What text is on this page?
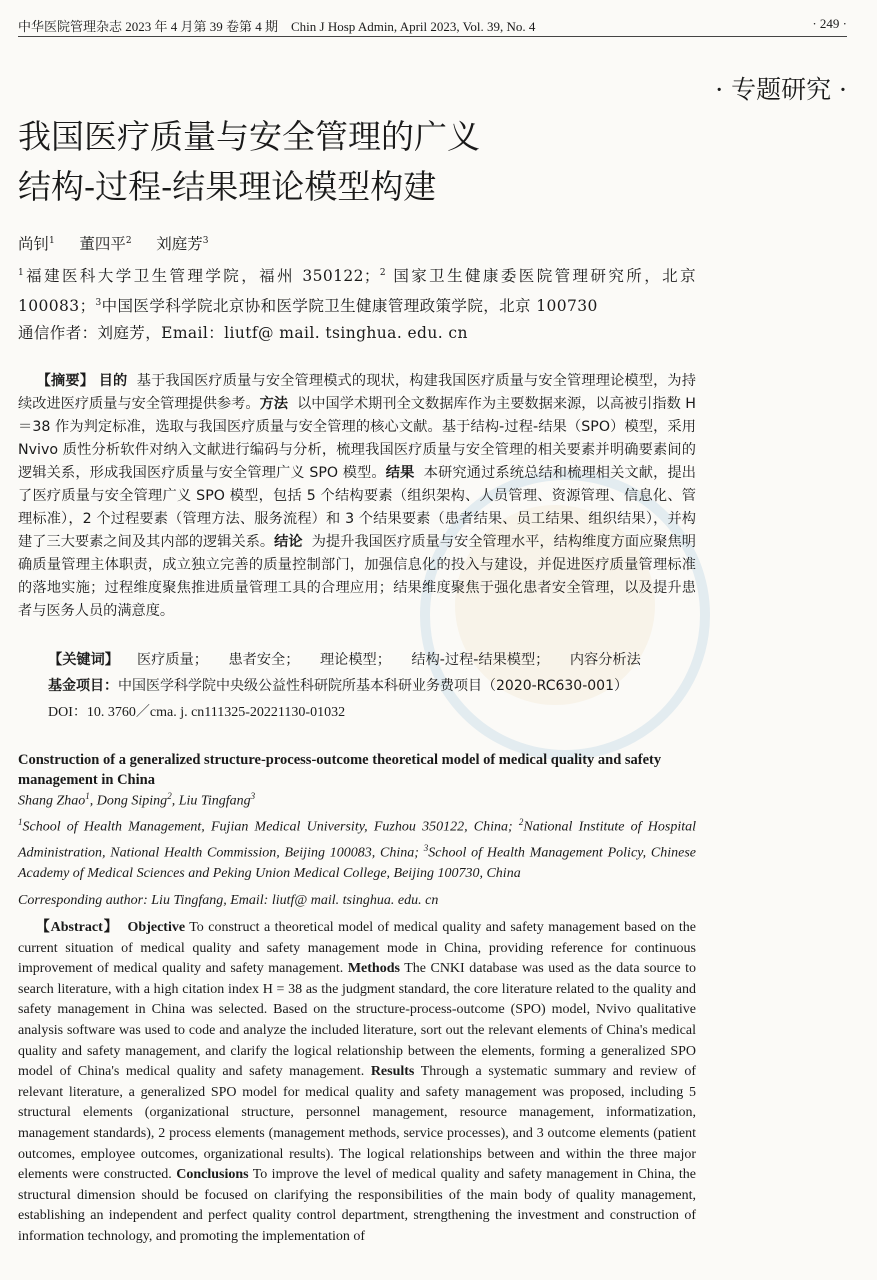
中华医院管理杂志 2023 年 4 月第 39 卷第 4 期　Chin J Hosp Admin, April 2023, Vol. 39, No. 4	· 249 ·
· 专题研究 ·
我国医疗质量与安全管理的广义
结构-过程-结果理论模型构建
尚钊$^1$ 董四平$^2$ 刘庭芳$^3$
$^1$福建医科大学卫生管理学院，福州 350122；$^2$ 国家卫生健康委医院管理研究所，北京 100083；$^3$中国医学科学院北京协和医学院卫生健康管理政策学院，北京 100730
通信作者：刘庭芳，Email：liutf@ mail. tsinghua. edu. cn
【摘要】 目的 基于我国医疗质量与安全管理模式的现状，构建我国医疗质量与安全管理理论模型，为持续改进医疗质量与安全管理提供参考。方法 以中国学术期刊全文数据库作为主要数据来源，以高被引指数 H＝38 作为判定标准，选取与我国医疗质量与安全管理的核心文献。基于结构-过程-结果（SPO）模型，采用 Nvivo 质性分析软件对纳入文献进行编码与分析，梳理我国医疗质量与安全管理的相关要素并明确要素间的逻辑关系，形成我国医疗质量与安全管理广义 SPO 模型。结果 本研究通过系统总结和梳理相关文献，提出了医疗质量与安全管理广义 SPO 模型，包括 5 个结构要素（组织架构、人员管理、资源管理、信息化、管理标准），2 个过程要素（管理方法、服务流程）和 3 个结果要素（患者结果、员工结果、组织结果），并构建了三大要素之间及其内部的逻辑关系。结论 为提升我国医疗质量与安全管理水平，结构维度方面应聚焦明确质量管理主体职责，成立独立完善的质量控制部门，加强信息化的投入与建设，并促进医疗质量管理标准的落地实施；过程维度聚焦推进质量管理工具的合理应用；结果维度聚焦于强化患者安全管理，以及提升患者与医务人员的满意度。
【关键词】 医疗质量； 患者安全； 理论模型； 结构-过程-结果模型； 内容分析法
基金项目：中国医学科学院中央级公益性科研院所基本科研业务费项目（2020-RC630-001）
DOI：10. 3760／cma. j. cn111325-20221130-01032
Construction of a generalized structure-process-outcome theoretical model of medical quality and safety management in China
Shang Zhao$^1$, Dong Siping$^2$, Liu Tingfang$^3$
$^1$School of Health Management, Fujian Medical University, Fuzhou 350122, China; $^2$National Institute of Hospital Administration, National Health Commission, Beijing 100083, China; $^3$School of Health Management Policy, Chinese Academy of Medical Sciences and Peking Union Medical College, Beijing 100730, China
Corresponding author: Liu Tingfang, Email: liutf@ mail. tsinghua. edu. cn
【Abstract】 Objective To construct a theoretical model of medical quality and safety management based on the current situation of medical quality and safety management mode in China, providing reference for continuous improvement of medical quality and safety management. Methods The CNKI database was used as the data source to search literature, with a high citation index H = 38 as the judgment standard, the core literature related to the quality and safety management in China was selected. Based on the structure-process-outcome (SPO) model, Nvivo qualitative analysis software was used to code and analyze the included literature, sort out the relevant elements of China's medical quality and safety management, and clarify the logical relationship between the elements, forming a generalized SPO model of China's medical quality and safety management. Results Through a systematic summary and review of relevant literature, a generalized SPO model for medical quality and safety management was proposed, including 5 structural elements (organizational structure, personnel management, resource management, informatization, management standards), 2 process elements (management methods, service processes), and 3 outcome elements (patient outcomes, employee outcomes, organizational results). The logical relationships between and within the three major elements were constructed. Conclusions To improve the level of medical quality and safety management in China, the structural dimension should be focused on clarifying the responsibilities of the main body of quality management, establishing an independent and perfect quality control department, strengthening the investment and construction of information technology, and promoting the implementation of
